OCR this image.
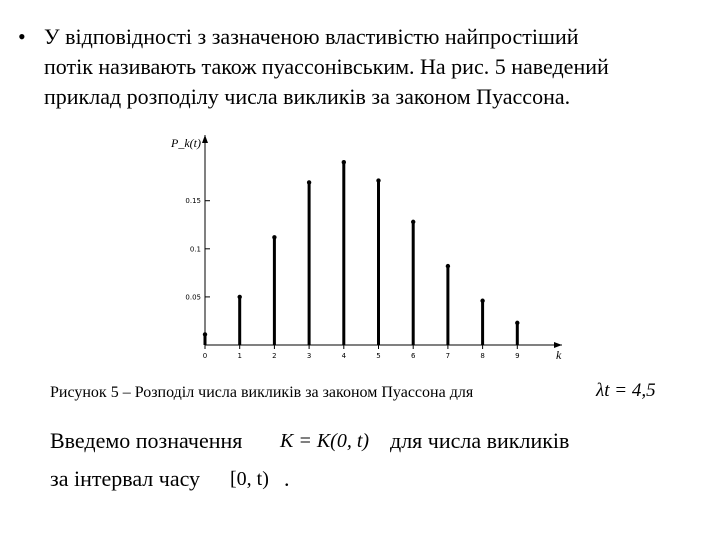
• У відповідності з зазначеною властивістю найпростіший
потік називають також пуассонівським. На рис. 5 наведений
приклад розподілу числа викликів за законом Пуассона.
0.05
0.1
0.15
0	1	2	3	4	5	6	7	8	9
P_k(t)
k
Рисунок 5 – Розподіл числа викликів за законом Пуассона для	λt = 4,5
Введемо позначення K = K(0, t) для числа викликів
за інтервал часу [0, t) .
